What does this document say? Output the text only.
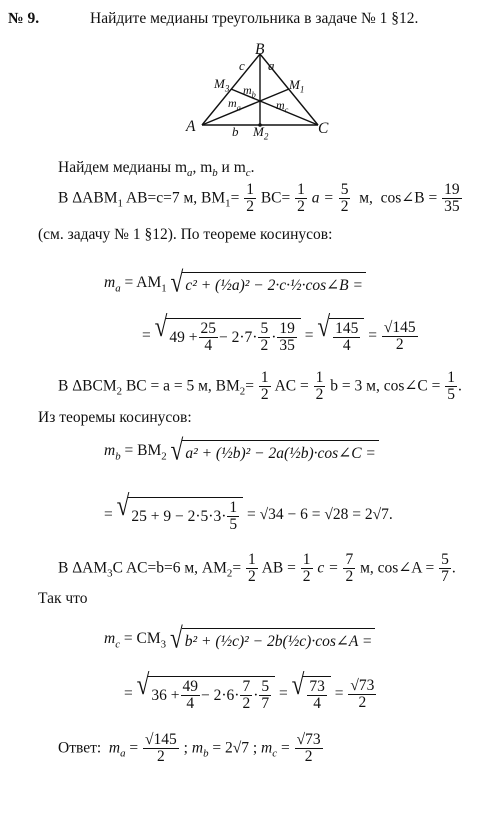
№ 9.	Найдите медианы треугольника в задаче № 1 §12.
B
c a
$M_3$	$M_1$
$m_b$
$m_a$	$m_c$
A	b $M_2$	C
Найдем медианы $m_a$, $m_b$ и $m_c$.
В $\Delta ABM_1$ AB=c=7 м, $BM_1= \frac{1}{2} BC= \frac{1}{2}$ $a = \frac{5}{2} м$, cos∠B = $\frac{19}{35}$
(см. задачу № 1 §12). По теореме косинусов:
$m_a = AM_1$ √ c² + (½a)² − 2·c·½·cos∠B =
= √ $49 + \frac{25}{4} - 2\cdot 7\cdot \frac{5}{2} \cdot \frac{19}{35}$ = √ $\frac{145}{4} = \frac{√145}{2}$
В $\Delta BCM_2$ BC = a = 5 м, $BM_2= \frac{1}{2}$ AC = $\frac{1}{2}$ b = 3 м, cos∠C = $\frac{1}{5}$ .
Из теоремы косинусов:
$m_b = BM_2$ √ a² + (½b)² − 2a(½b)·cos∠C =
= √ $25 + 9 - 2\cdot 5\cdot 3\cdot \frac{1}{5} = √34 - 6 = √28 = 2√7$.
В $\Delta AM_3C$ AC=b=6 м, $AM_2= \frac{1}{2}$ AB = $\frac{1}{2}$ $c = \frac{7}{2} м$, cos∠A = $\frac{5}{7}$ .
Так что
$m_c = CM_3$ √ b² + (½c)² − 2b(½c)·cos∠A =
= √ $36 + \frac{49}{4} - 2\cdot 6\cdot \frac{7}{2} \cdot \frac{5}{7}$ = √ $\frac{73}{4} = \frac{√73}{2}$
Ответ: $m_a = \frac{√145}{2}$ ; $m_b = 2√7$ ; $m_c = \frac{√73}{2}$
